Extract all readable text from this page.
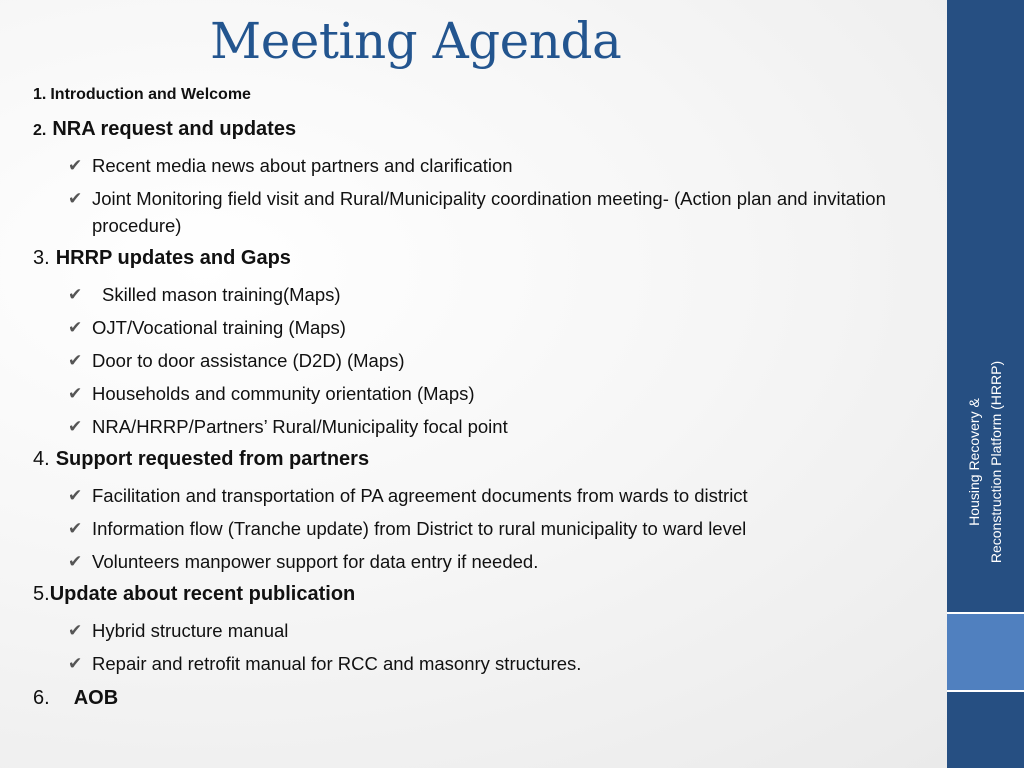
Meeting Agenda
1. Introduction and Welcome
2. NRA request and updates
✔ Recent media news about partners and clarification
✔ Joint Monitoring field visit and Rural/Municipality coordination meeting- (Action plan and invitation procedure)
3. HRRP updates and Gaps
✔	Skilled mason training(Maps)
✔ OJT/Vocational training (Maps)
✔ Door to door assistance (D2D) (Maps)
✔ Households and community orientation (Maps)
✔ NRA/HRRP/Partners’ Rural/Municipality focal point
4. Support requested from partners
✔ Facilitation and transportation of PA agreement documents from wards to district
✔ Information flow (Tranche update) from District to rural municipality to ward level
✔ Volunteers manpower support for data entry if needed.
5. Update about recent publication
✔ Hybrid structure manual
✔ Repair and retrofit manual for RCC and masonry structures.
6. AOB
Housing Recovery & Reconstruction Platform (HRRP)
